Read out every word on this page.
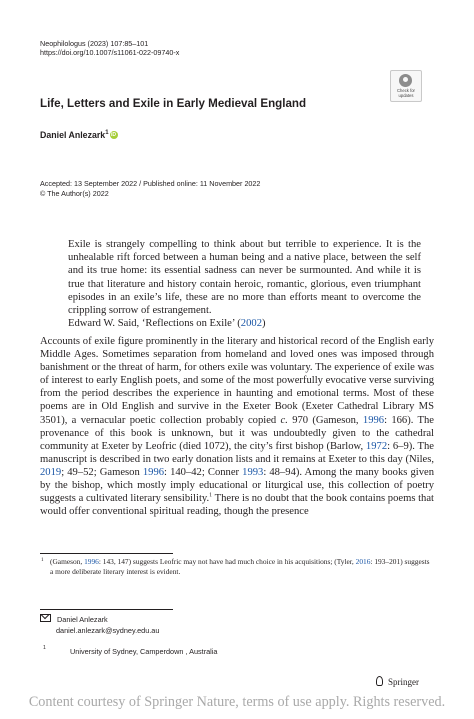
Neophilologus (2023) 107:85–101
https://doi.org/10.1007/s11061-022-09740-x
Check for
updates
Life, Letters and Exile in Early Medieval England
Daniel Anlezark$^1$ iD
Accepted: 13 September 2022 / Published online: 11 November 2022
© The Author(s) 2022
Exile is strangely compelling to think about but terrible to experience. It is the unhealable rift forced between a human being and a native place, between the self and its true home: its essential sadness can never be surmounted. And while it is true that literature and history contain heroic, romantic, glorious, even triumphant episodes in an exile’s life, these are no more than efforts meant to overcome the crippling sorrow of estrangement.
Edward W. Said, ‘Reflections on Exile’ (2002)
Accounts of exile figure prominently in the literary and historical record of the English early Middle Ages. Sometimes separation from homeland and loved ones was imposed through banishment or the threat of harm, for others exile was voluntary. The experience of exile was of interest to early English poets, and some of the most powerfully evocative verse surviving from the period describes the experience in haunting and emotional terms. Most of these poems are in Old English and survive in the Exeter Book (Exeter Cathedral Library MS 3501), a vernacular poetic collection probably copied c. 970 (Gameson, 1996: 166). The provenance of this book is unknown, but it was undoubtedly given to the cathedral community at Exeter by Leofric (died 1072), the city’s first bishop (Barlow, 1972: 6–9). The manuscript is described in two early donation lists and it remains at Exeter to this day (Niles, 2019; 49–52; Gameson 1996: 140–42; Conner 1993: 48–94). Among the many books given by the bishop, which mostly imply educational or liturgical use, this collection of poetry suggests a cultivated literary sensibility.$^1$ There is no doubt that the book contains poems that would offer conventional spiritual reading, though the presence
1 (Gameson, 1996: 143, 147) suggests Leofric may not have had much choice in his acquisitions; (Tyler, 2016: 193–201) suggests a more deliberate literary interest is evident.
Daniel Anlezark
daniel.anlezark@sydney.edu.au
1	University of Sydney, Camperdown , Australia
Springer
Content courtesy of Springer Nature, terms of use apply. Rights reserved.
